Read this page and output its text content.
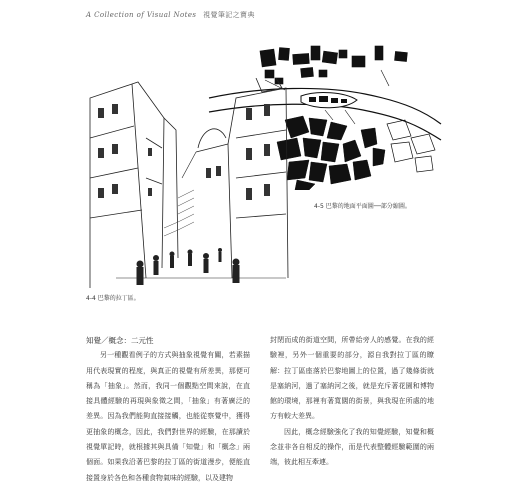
A Collection of Visual Notes 視覺筆記之寶典
4-5 巴黎的地面平面圖──部分縮圖。
4-4 巴黎的拉丁區。
知覺／概念：二元性

另一種觀看例子的方式與抽象視覺有關，若素描用代表現實的程度，與真正的視覺有所差異，那便可稱為「抽象」。然而，我同一個觀點空間來說，在直接具體經驗的再現與象徵之間，「抽象」有著廣泛的差異。因為我們能夠直接接觸，也能從察覺中，獲得更抽象的概念，因此，我們對世界的經驗，在那讀於視覺單記時，就根據其與具備「知覺」和「概念」兩個面。如果我沿著巴黎的拉丁區的街道漫步，便能直接置身於各色和各種食物氣味的經驗，以及建物

封閉而成的街道空間，所帶給旁人的感覺。在我的經驗裡，另外一個重要的部分，源自我對拉丁區的瞭解：拉丁區座落於巴黎地圖上的位置，過了幾條街就是塞納河，過了塞納河之後，就是充斥著花園和博物館的環境，那裡有著寬闊的街景，與我現在所處的地方有較大差異。

因此，概念經驗強化了我的知覺經驗，知覺和概念並非各自相反的操作，而是代表整體經驗範圍的兩端，彼此相互牽連。
